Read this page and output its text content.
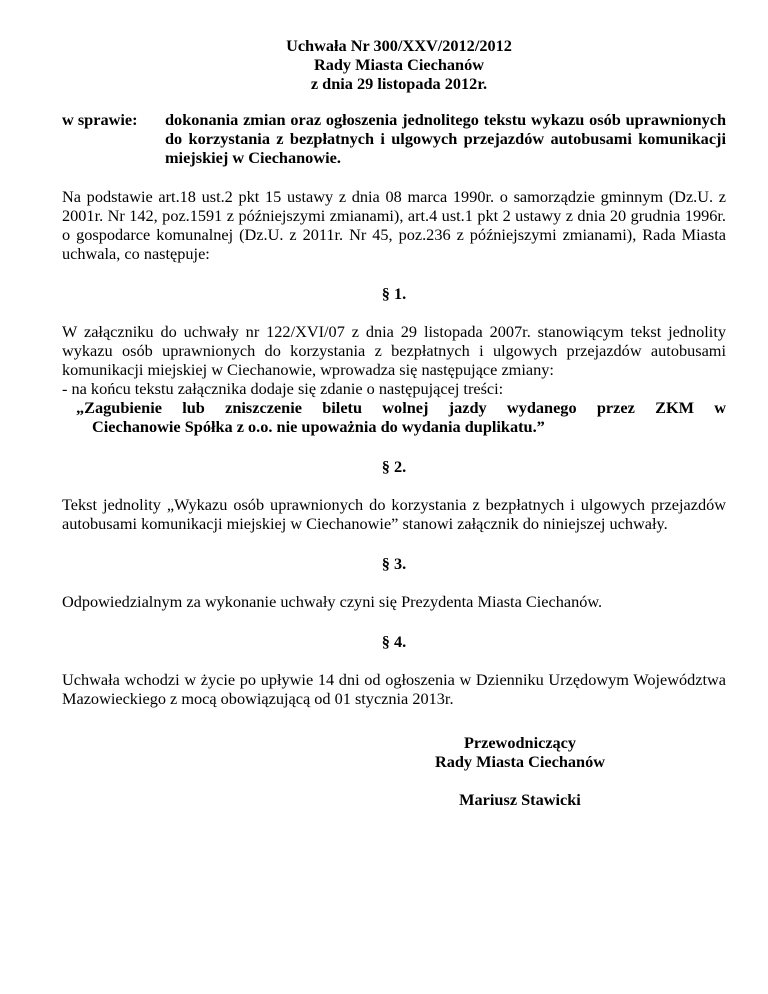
Uchwała Nr 300/XXV/2012/2012
Rady Miasta Ciechanów
z dnia 29 listopada 2012r.
w sprawie:	dokonania zmian oraz ogłoszenia jednolitego tekstu wykazu osób uprawnionych do korzystania z bezpłatnych i ulgowych przejazdów autobusami komunikacji miejskiej w Ciechanowie.

Na podstawie art.18 ust.2 pkt 15 ustawy z dnia 08 marca 1990r. o samorządzie gminnym (Dz.U. z 2001r. Nr 142, poz.1591 z późniejszymi zmianami), art.4 ust.1 pkt 2 ustawy z dnia 20 grudnia 1996r. o gospodarce komunalnej (Dz.U. z 2011r. Nr 45, poz.236 z późniejszymi zmianami), Rada Miasta uchwala, co następuje:

§ 1.

W załączniku do uchwały nr 122/XVI/07 z dnia 29 listopada 2007r. stanowiącym tekst jednolity wykazu osób uprawnionych do korzystania z bezpłatnych i ulgowych przejazdów autobusami komunikacji miejskiej w Ciechanowie, wprowadza się następujące zmiany:

- na końcu tekstu załącznika dodaje się zdanie o następującej treści:

„Zagubienie lub zniszczenie biletu wolnej jazdy wydanego przez ZKM w
Ciechanowie Spółka z o.o. nie upoważnia do wydania duplikatu.”
§ 2.

Tekst jednolity „Wykazu osób uprawnionych do korzystania z bezpłatnych i ulgowych przejazdów autobusami komunikacji miejskiej w Ciechanowie” stanowi załącznik do niniejszej uchwały.

§ 3.

Odpowiedzialnym za wykonanie uchwały czyni się Prezydenta Miasta Ciechanów.

§ 4.

Uchwała wchodzi w życie po upływie 14 dni od ogłoszenia w Dzienniku Urzędowym Województwa Mazowieckiego z mocą obowiązującą od 01 stycznia 2013r.

Przewodniczący
Rady Miasta Ciechanów
Mariusz Stawicki
